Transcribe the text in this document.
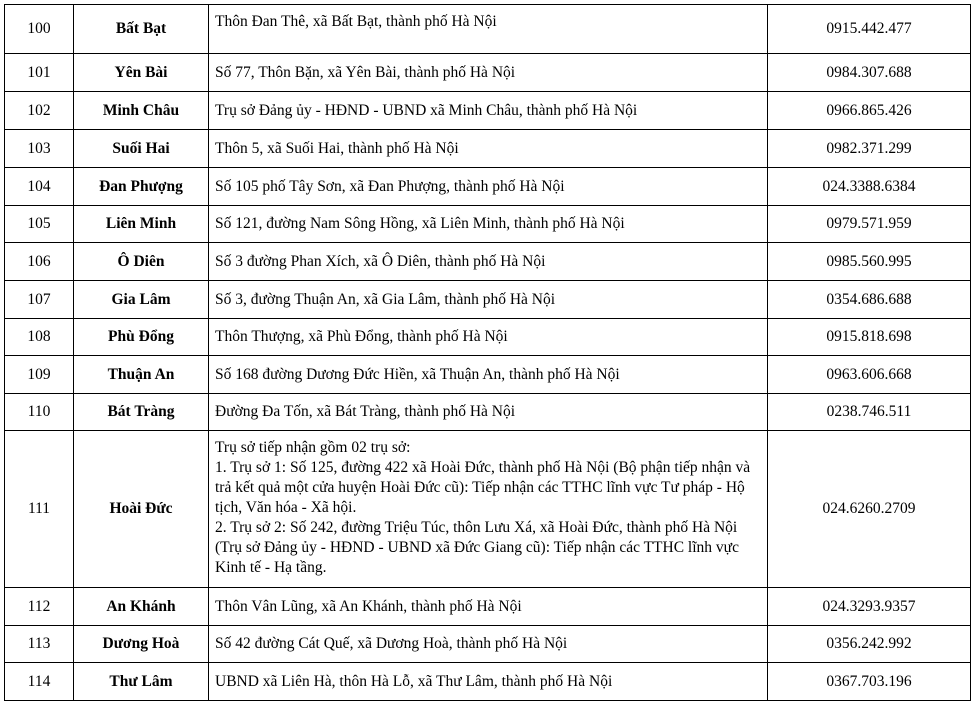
100	Bất Bạt	Thôn Đan Thê, xã Bất Bạt, thành phố Hà Nội	0915.442.477
101	Yên Bài	Số 77, Thôn Bặn, xã Yên Bài, thành phố Hà Nội	0984.307.688
102	Minh Châu	Trụ sở Đảng ủy - HĐND - UBND xã Minh Châu, thành phố Hà Nội	0966.865.426
103	Suối Hai	Thôn 5, xã Suối Hai, thành phố Hà Nội	0982.371.299
104	Đan Phượng	Số 105 phố Tây Sơn, xã Đan Phượng, thành phố Hà Nội	024.3388.6384
105	Liên Minh	Số 121, đường Nam Sông Hồng, xã Liên Minh, thành phố Hà Nội	0979.571.959
106	Ô Diên	Số 3 đường Phan Xích, xã Ô Diên, thành phố Hà Nội	0985.560.995
107	Gia Lâm	Số 3, đường Thuận An, xã Gia Lâm, thành phố Hà Nội	0354.686.688
108	Phù Đổng	Thôn Thượng, xã Phù Đổng, thành phố Hà Nội	0915.818.698
109	Thuận An	Số 168 đường Dương Đức Hiền, xã Thuận An, thành phố Hà Nội	0963.606.668
110	Bát Tràng	Đường Đa Tốn, xã Bát Tràng, thành phố Hà Nội	0238.746.511
111	Hoài Đức	Trụ sở tiếp nhận gồm 02 trụ sở:
1. Trụ sở 1: Số 125, đường 422 xã Hoài Đức, thành phố Hà Nội (Bộ phận tiếp nhận và trả kết quả một cửa huyện Hoài Đức cũ): Tiếp nhận các TTHC lĩnh vực Tư pháp - Hộ tịch, Văn hóa - Xã hội.
2. Trụ sở 2: Số 242, đường Triệu Túc, thôn Lưu Xá, xã Hoài Đức, thành phố Hà Nội (Trụ sở Đảng ủy - HĐND - UBND xã Đức Giang cũ): Tiếp nhận các TTHC lĩnh vực Kinh tế - Hạ tầng.	024.6260.2709
112	An Khánh	Thôn Vân Lũng, xã An Khánh, thành phố Hà Nội	024.3293.9357
113	Dương Hoà	Số 42 đường Cát Quế, xã Dương Hoà, thành phố Hà Nội	0356.242.992
114	Thư Lâm	UBND xã Liên Hà, thôn Hà Lỗ, xã Thư Lâm, thành phố Hà Nội	0367.703.196
